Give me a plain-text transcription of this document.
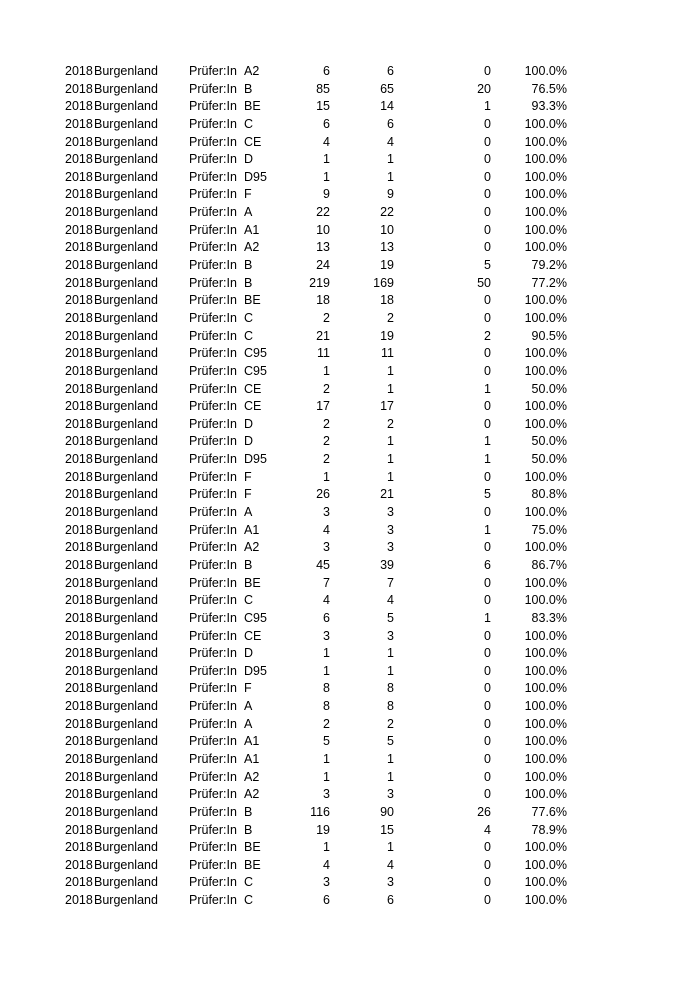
2018 Burgenland Prüfer:In A2	6	6	0	100.0%
2018 Burgenland Prüfer:In B	85	65	20	76.5%
2018 Burgenland Prüfer:In BE	15	14	1	93.3%
2018 Burgenland Prüfer:In C	6	6	0	100.0%
2018 Burgenland Prüfer:In CE	4	4	0	100.0%
2018 Burgenland Prüfer:In D	1	1	0	100.0%
2018 Burgenland Prüfer:In D95	1	1	0	100.0%
2018 Burgenland Prüfer:In F	9	9	0	100.0%
2018 Burgenland Prüfer:In A	22	22	0	100.0%
2018 Burgenland Prüfer:In A1	10	10	0	100.0%
2018 Burgenland Prüfer:In A2	13	13	0	100.0%
2018 Burgenland Prüfer:In B	24	19	5	79.2%
2018 Burgenland Prüfer:In B	219	169	50	77.2%
2018 Burgenland Prüfer:In BE	18	18	0	100.0%
2018 Burgenland Prüfer:In C	2	2	0	100.0%
2018 Burgenland Prüfer:In C	21	19	2	90.5%
2018 Burgenland Prüfer:In C95	11	11	0	100.0%
2018 Burgenland Prüfer:In C95	1	1	0	100.0%
2018 Burgenland Prüfer:In CE	2	1	1	50.0%
2018 Burgenland Prüfer:In CE	17	17	0	100.0%
2018 Burgenland Prüfer:In D	2	2	0	100.0%
2018 Burgenland Prüfer:In D	2	1	1	50.0%
2018 Burgenland Prüfer:In D95	2	1	1	50.0%
2018 Burgenland Prüfer:In F	1	1	0	100.0%
2018 Burgenland Prüfer:In F	26	21	5	80.8%
2018 Burgenland Prüfer:In A	3	3	0	100.0%
2018 Burgenland Prüfer:In A1	4	3	1	75.0%
2018 Burgenland Prüfer:In A2	3	3	0	100.0%
2018 Burgenland Prüfer:In B	45	39	6	86.7%
2018 Burgenland Prüfer:In BE	7	7	0	100.0%
2018 Burgenland Prüfer:In C	4	4	0	100.0%
2018 Burgenland Prüfer:In C95	6	5	1	83.3%
2018 Burgenland Prüfer:In CE	3	3	0	100.0%
2018 Burgenland Prüfer:In D	1	1	0	100.0%
2018 Burgenland Prüfer:In D95	1	1	0	100.0%
2018 Burgenland Prüfer:In F	8	8	0	100.0%
2018 Burgenland Prüfer:In A	8	8	0	100.0%
2018 Burgenland Prüfer:In A	2	2	0	100.0%
2018 Burgenland Prüfer:In A1	5	5	0	100.0%
2018 Burgenland Prüfer:In A1	1	1	0	100.0%
2018 Burgenland Prüfer:In A2	1	1	0	100.0%
2018 Burgenland Prüfer:In A2	3	3	0	100.0%
2018 Burgenland Prüfer:In B	116	90	26	77.6%
2018 Burgenland Prüfer:In B	19	15	4	78.9%
2018 Burgenland Prüfer:In BE	1	1	0	100.0%
2018 Burgenland Prüfer:In BE	4	4	0	100.0%
2018 Burgenland Prüfer:In C	3	3	0	100.0%
2018 Burgenland Prüfer:In C	6	6	0	100.0%
